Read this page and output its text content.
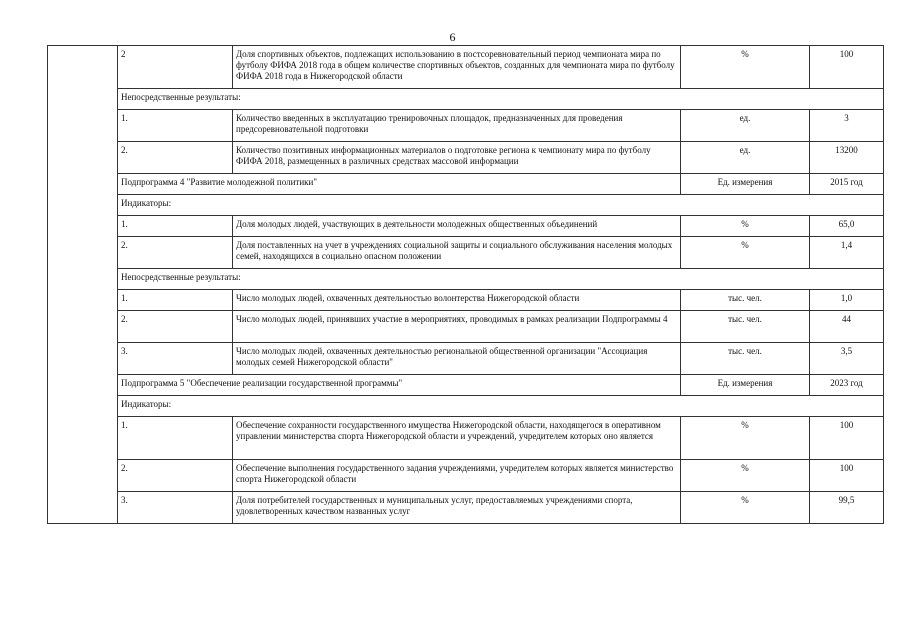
6
	2	Доля спортивных объектов, подлежащих использованию в постсоревновательный период чемпионата мира по футболу ФИФА 2018 года в общем количестве спортивных объектов, созданных для чемпионата мира по футболу ФИФА 2018 года в Нижегородской области	%	100
	Непосредственные результаты:			
	1.	Количество введенных в эксплуатацию тренировочных площадок, предназначенных для проведения предсоревновательной подготовки	ед.	3
	2.	Количество позитивных информационных материалов о подготовке региона к чемпионату мира по футболу ФИФА 2018, размещенных в различных средствах массовой информации	ед.	13200
	Подпрограмма 4 "Развитие молодежной политики"		Ед. измерения	2015 год
	Индикаторы:			
	1.	Доля молодых людей, участвующих в деятельности молодежных общественных объединений	%	65,0
	2.	Доля поставленных на учет в учреждениях социальной защиты и социального обслуживания населения молодых семей, находящихся в социально опасном положении	%	1,4
	Непосредственные результаты:			
	1.	Число молодых людей, охваченных деятельностью волонтерства Нижегородской области	тыс. чел.	1,0
	2.	Число молодых людей, принявших участие в мероприятиях, проводимых в рамках реализации Подпрограммы 4	тыс. чел.	44
	3.	Число молодых людей, охваченных деятельностью региональной общественной организации "Ассоциация молодых семей Нижегородской области"	тыс. чел.	3,5
	Подпрограмма 5 "Обеспечение реализации государственной программы"		Ед. измерения	2023 год
	Индикаторы:			
	1.	Обеспечение сохранности государственного имущества Нижегородской области, находящегося в оперативном управлении министерства спорта Нижегородской области и учреждений, учредителем которых оно является	%	100
	2.	Обеспечение выполнения государственного задания учреждениями, учредителем которых является министерство спорта Нижегородской области	%	100
	3.	Доля потребителей государственных и муниципальных услуг, предоставляемых учреждениями спорта, удовлетворенных качеством названных услуг	%	99,5
